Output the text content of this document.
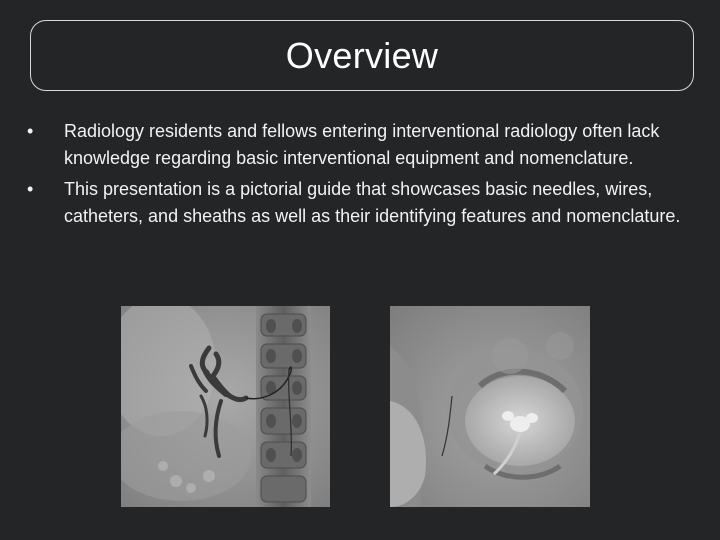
Overview
•	Radiology residents and fellows entering interventional radiology often lack knowledge regarding basic interventional equipment and nomenclature.
•	This presentation is a pictorial guide that showcases basic needles, wires, catheters, and sheaths as well as their identifying features and nomenclature.
